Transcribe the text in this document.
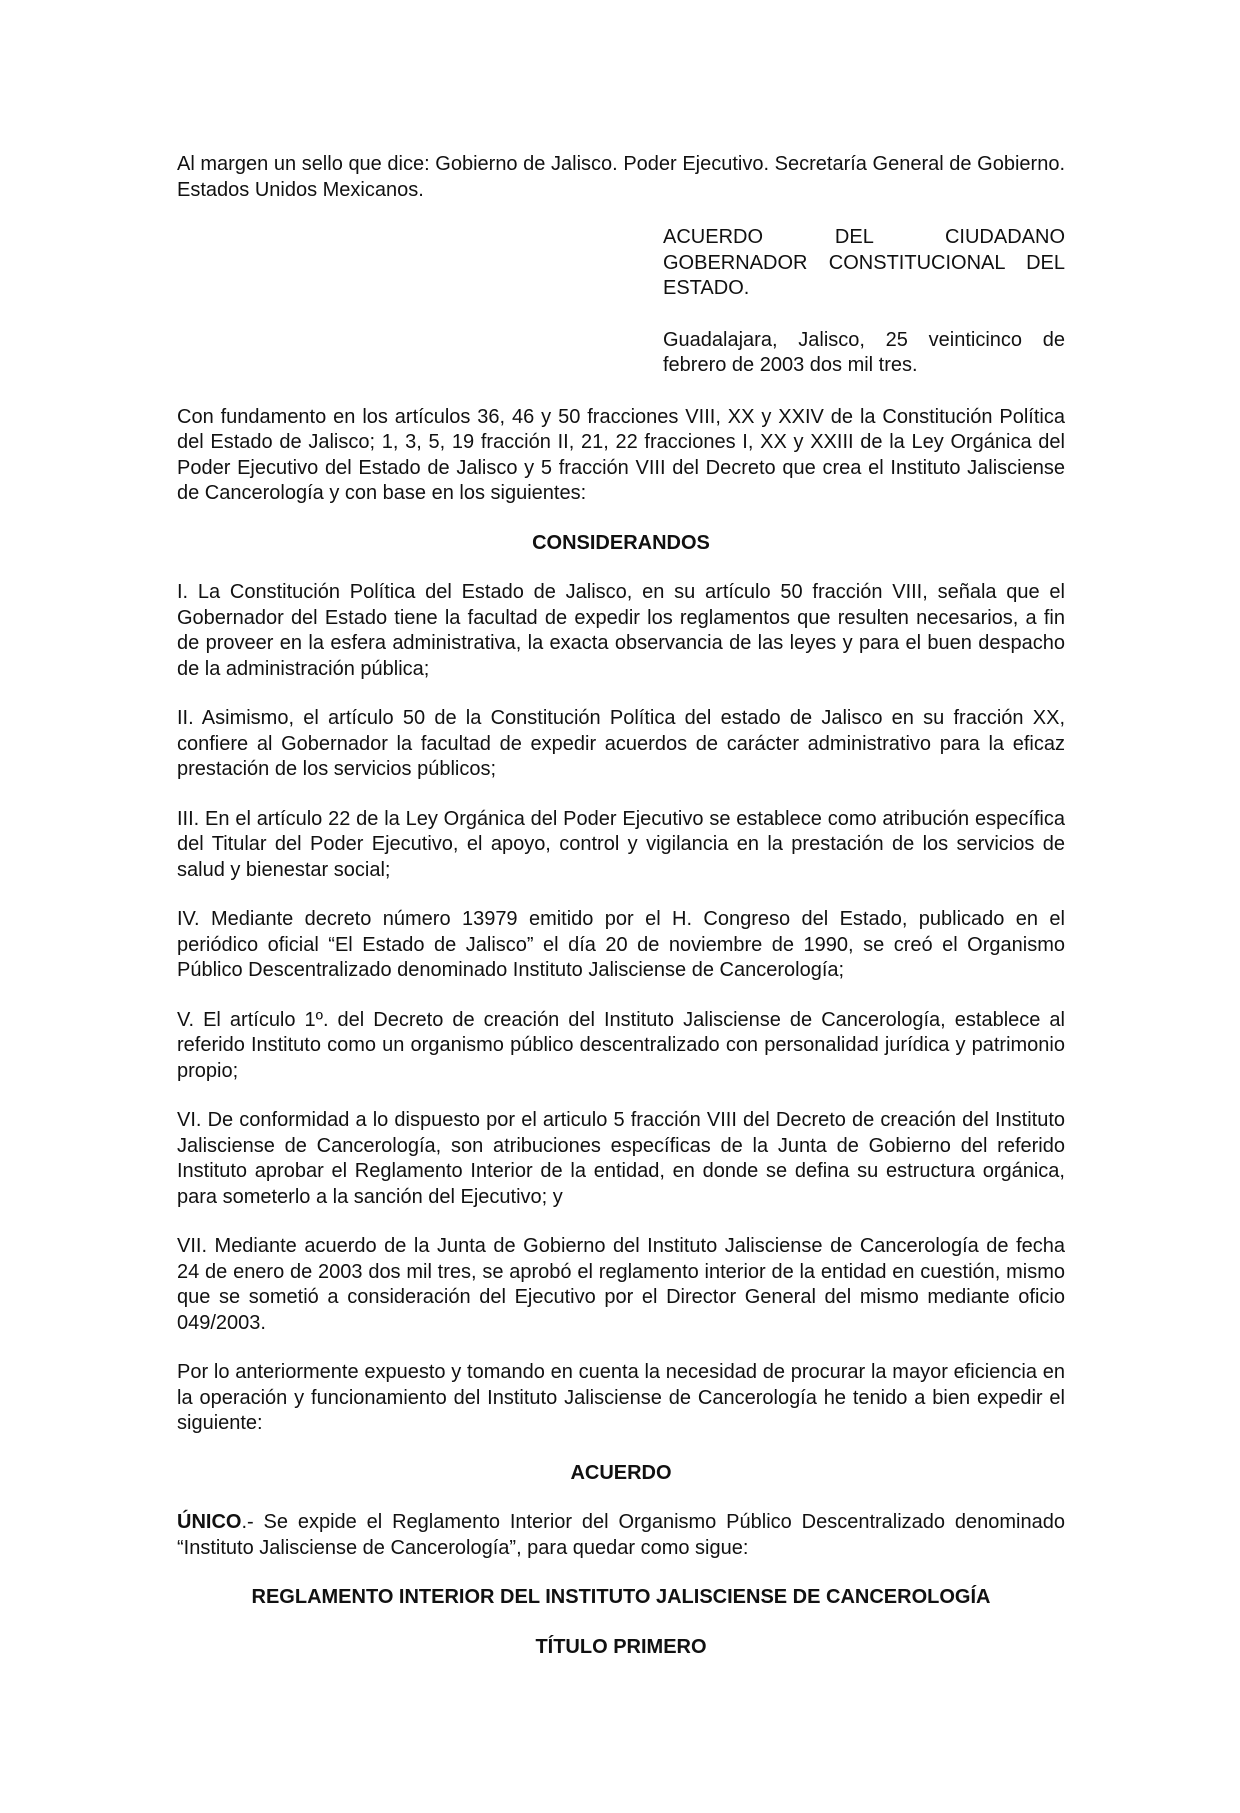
Al margen un sello que dice: Gobierno de Jalisco. Poder Ejecutivo. Secretaría General de Gobierno. Estados Unidos Mexicanos.

ACUERDO DEL CIUDADANO GOBERNADOR CONSTITUCIONAL DEL ESTADO.

Guadalajara, Jalisco, 25 veinticinco de febrero de 2003 dos mil tres.

Con fundamento en los artículos 36, 46 y 50 fracciones VIII, XX y XXIV de la Constitución Política del Estado de Jalisco; 1, 3, 5, 19 fracción II, 21, 22 fracciones I, XX y XXIII de la Ley Orgánica del Poder Ejecutivo del Estado de Jalisco y 5 fracción VIII del Decreto que crea el Instituto Jalisciense de Cancerología y con base en los siguientes:

CONSIDERANDOS

I. La Constitución Política del Estado de Jalisco, en su artículo 50 fracción VIII, señala que el Gobernador del Estado tiene la facultad de expedir los reglamentos que resulten necesarios, a fin de proveer en la esfera administrativa, la exacta observancia de las leyes y para el buen despacho de la administración pública;

II. Asimismo, el artículo 50 de la Constitución Política del estado de Jalisco en su fracción XX, confiere al Gobernador la facultad de expedir acuerdos de carácter administrativo para la eficaz prestación de los servicios públicos;

III. En el artículo 22 de la Ley Orgánica del Poder Ejecutivo se establece como atribución específica del Titular del Poder Ejecutivo, el apoyo, control y vigilancia en la prestación de los servicios de salud y bienestar social;

IV. Mediante decreto número 13979 emitido por el H. Congreso del Estado, publicado en el periódico oficial “El Estado de Jalisco” el día 20 de noviembre de 1990, se creó el Organismo Público Descentralizado denominado Instituto Jalisciense de Cancerología;

V. El artículo 1º. del Decreto de creación del Instituto Jalisciense de Cancerología, establece al referido Instituto como un organismo público descentralizado con personalidad jurídica y patrimonio propio;

VI. De conformidad a lo dispuesto por el articulo 5 fracción VIII del Decreto de creación del Instituto Jalisciense de Cancerología, son atribuciones específicas de la Junta de Gobierno del referido Instituto aprobar el Reglamento Interior de la entidad, en donde se defina su estructura orgánica, para someterlo a la sanción del Ejecutivo; y

VII. Mediante acuerdo de la Junta de Gobierno del Instituto Jalisciense de Cancerología de fecha 24 de enero de 2003 dos mil tres, se aprobó el reglamento interior de la entidad en cuestión, mismo que se sometió a consideración del Ejecutivo por el Director General del mismo mediante oficio 049/2003.

Por lo anteriormente expuesto y tomando en cuenta la necesidad de procurar la mayor eficiencia en la operación y funcionamiento del Instituto Jalisciense de Cancerología he tenido a bien expedir el siguiente:

ACUERDO

ÚNICO.- Se expide el Reglamento Interior del Organismo Público Descentralizado denominado “Instituto Jalisciense de Cancerología”, para quedar como sigue:

REGLAMENTO INTERIOR DEL INSTITUTO JALISCIENSE DE CANCEROLOGÍA
TÍTULO PRIMERO
